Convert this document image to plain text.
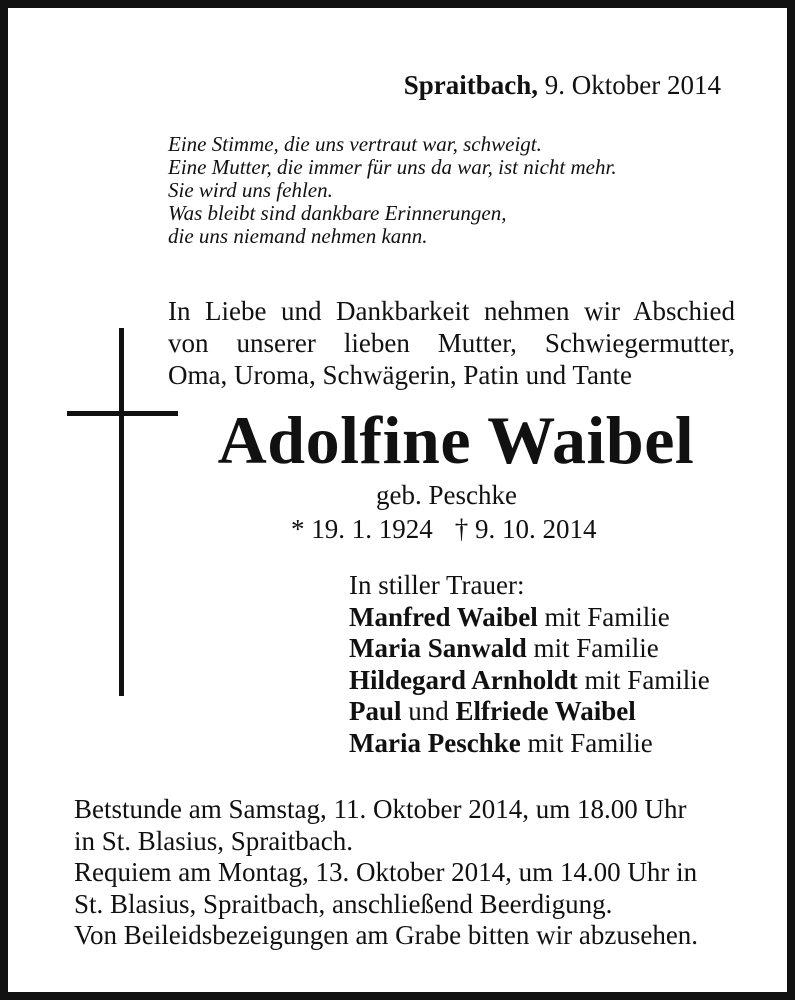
Spraitbach, 9. Oktober 2014
Eine Stimme, die uns vertraut war, schweigt.
Eine Mutter, die immer für uns da war, ist nicht mehr.
Sie wird uns fehlen.
Was bleibt sind dankbare Erinnerungen,
die uns niemand nehmen kann.
In Liebe und Dankbarkeit nehmen wir Abschied
von unserer lieben Mutter, Schwiegermutter,
Oma, Uroma, Schwägerin, Patin und Tante
Adolfine Waibel
geb. Peschke
* 19. 1. 1924 † 9. 10. 2014
In stiller Trauer:
Manfred Waibel mit Familie
Maria Sanwald mit Familie
Hildegard Arnholdt mit Familie
Paul und Elfriede Waibel
Maria Peschke mit Familie
Betstunde am Samstag, 11. Oktober 2014, um 18.00 Uhr
in St. Blasius, Spraitbach.
Requiem am Montag, 13. Oktober 2014, um 14.00 Uhr in
St. Blasius, Spraitbach, anschließend Beerdigung.
Von Beileidsbezeigungen am Grabe bitten wir abzusehen.
